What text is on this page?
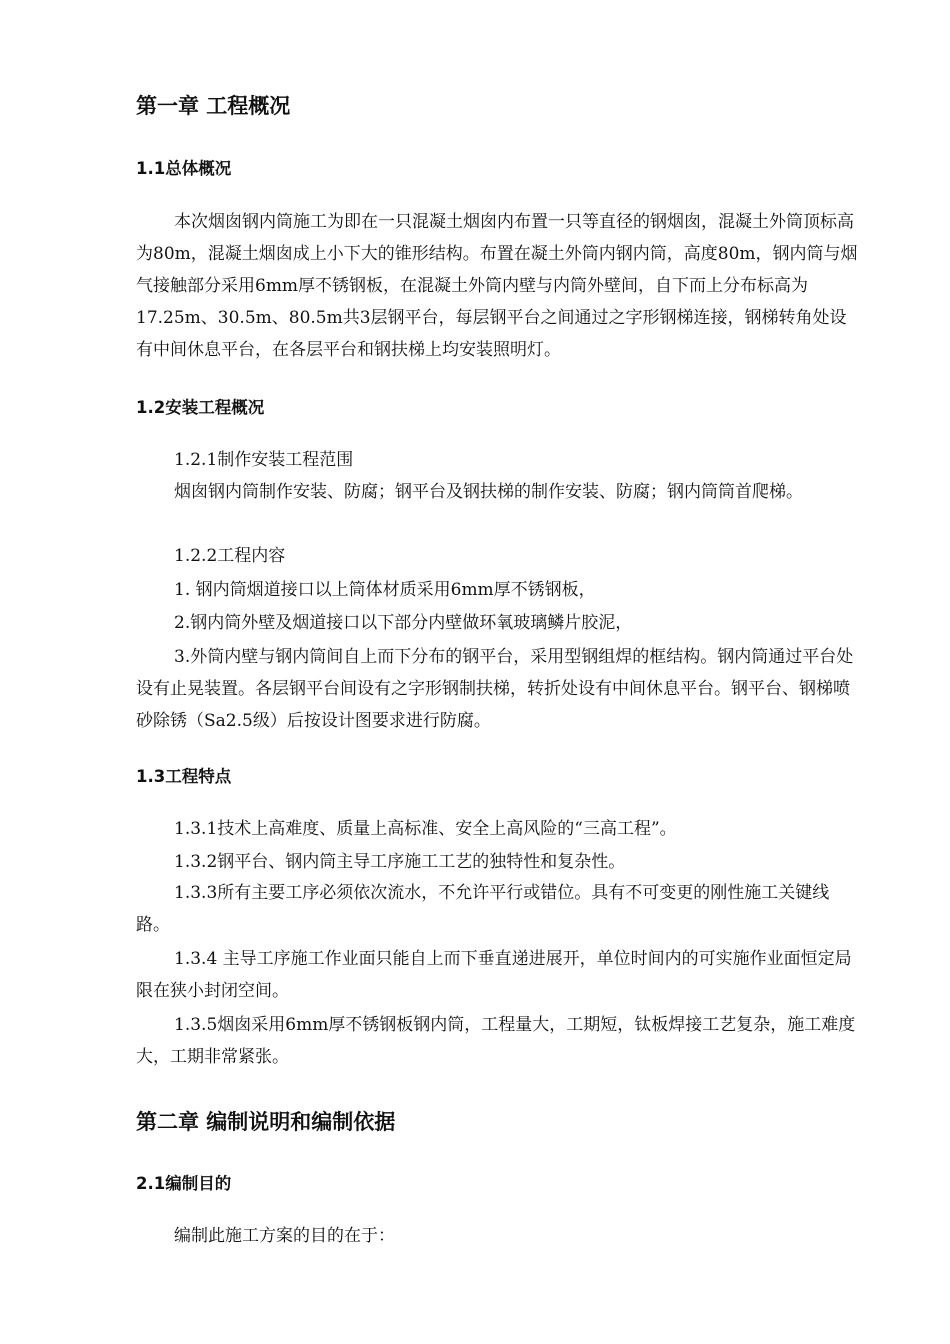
第一章 工程概况
1.1总体概况
本次烟囱钢内筒施工为即在一只混凝土烟囱内布置一只等直径的钢烟囱，混凝土外筒顶标高为80m，混凝土烟囱成上小下大的锥形结构。布置在凝土外筒内钢内筒，高度80m，钢内筒与烟气接触部分采用6mm厚不锈钢板，在混凝土外筒内壁与内筒外壁间，自下而上分布标高为17.25m、30.5m、80.5m共3层钢平台，每层钢平台之间通过之字形钢梯连接，钢梯转角处设有中间休息平台，在各层平台和钢扶梯上均安装照明灯。
1.2安装工程概况
1.2.1制作安装工程范围
烟囱钢内筒制作安装、防腐；钢平台及钢扶梯的制作安装、防腐；钢内筒筒首爬梯。
1.2.2工程内容
1. 钢内筒烟道接口以上筒体材质采用6mm厚不锈钢板，
2.钢内筒外壁及烟道接口以下部分内壁做环氧玻璃鳞片胶泥，
3.外筒内壁与钢内筒间自上而下分布的钢平台，采用型钢组焊的框结构。钢内筒通过平台处设有止晃装置。各层钢平台间设有之字形钢制扶梯，转折处设有中间休息平台。钢平台、钢梯喷砂除锈（Sa2.5级）后按设计图要求进行防腐。
1.3工程特点
1.3.1技术上高难度、质量上高标准、安全上高风险的“三高工程”。
1.3.2钢平台、钢内筒主导工序施工工艺的独特性和复杂性。
1.3.3所有主要工序必须依次流水，不允许平行或错位。具有不可变更的刚性施工关键线路。
1.3.4 主导工序施工作业面只能自上而下垂直递进展开，单位时间内的可实施作业面恒定局限在狭小封闭空间。
1.3.5烟囱采用6mm厚不锈钢板钢内筒，工程量大，工期短，钛板焊接工艺复杂，施工难度大，工期非常紧张。
第二章 编制说明和编制依据
2.1编制目的
编制此施工方案的目的在于：
